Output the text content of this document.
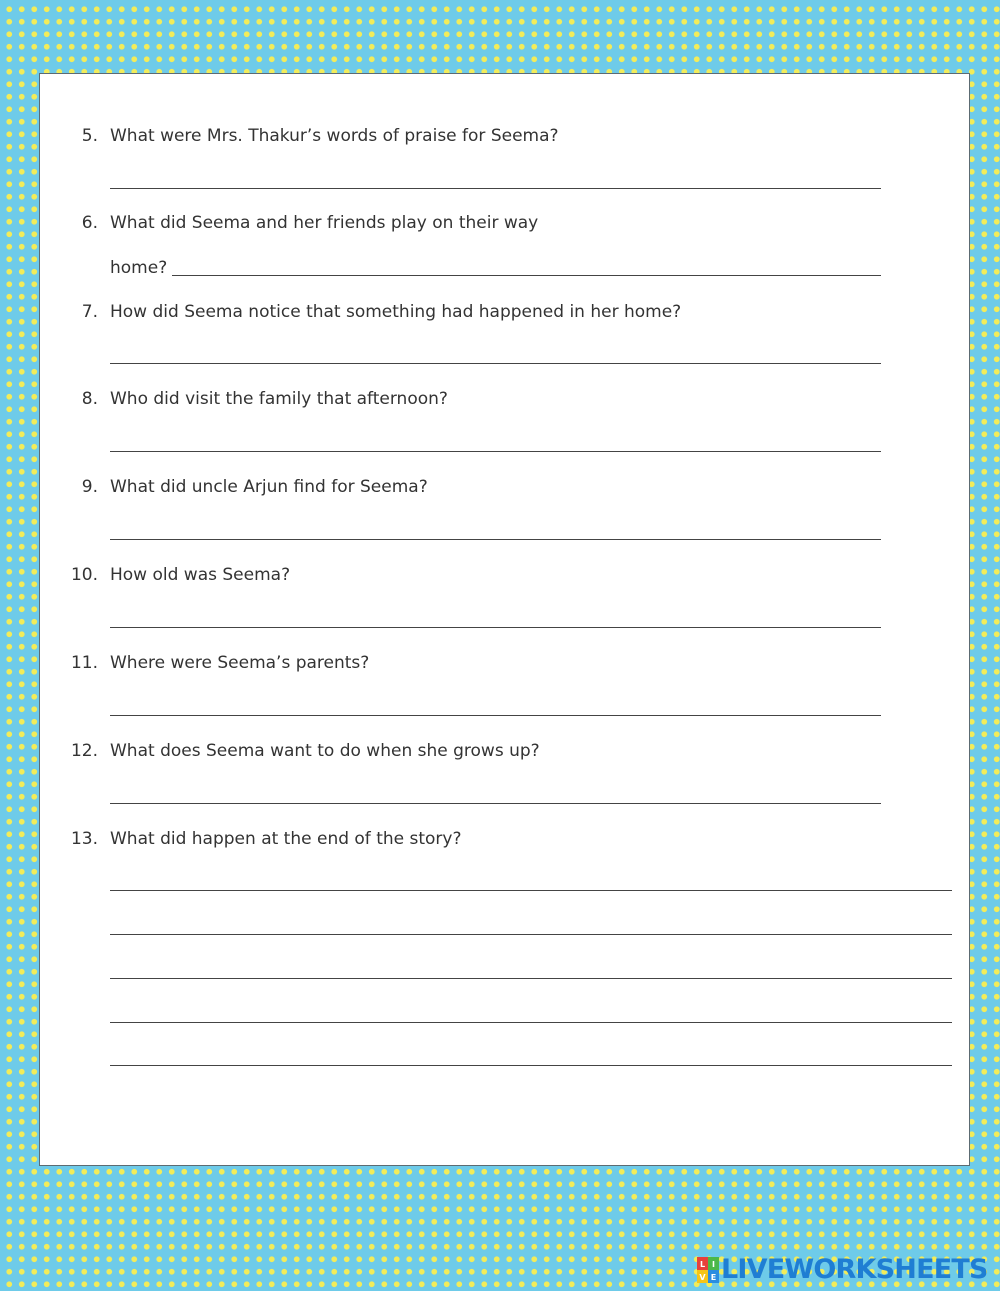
5. What were Mrs. Thakur’s words of praise for Seema?
6. What did Seema and her friends play on their way
home?
7. How did Seema notice that something had happened in her home?
8. Who did visit the family that afternoon?
9. What did uncle Arjun find for Seema?
10. How old was Seema?
11. Where were Seema’s parents?
12. What does Seema want to do when she grows up?
13. What did happen at the end of the story?
L I
V E LIVEWORKSHEETS
